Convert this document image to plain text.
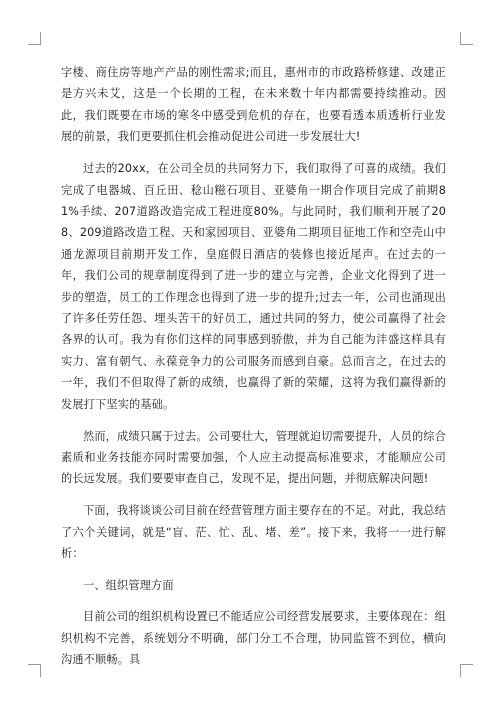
字楼、商住房等地产产品的刚性需求;而且，惠州市的市政路桥修建、改建正是方兴未艾，这是一个长期的工程，在未来数十年内都需要持续推动。因此，我们既要在市场的寒冬中感受到危机的存在，也要看透本质透析行业发展的前景，我们更要抓住机会推动促进公司进一步发展壮大!

过去的20xx，在公司全员的共同努力下，我们取得了可喜的成绩。我们完成了电器城、百丘田、稔山糍石项目、亚婆角一期合作项目完成了前期81%手续、207道路改造完成工程进度80%。与此同时，我们顺利开展了208、209道路改造工程、天和家园项目、亚婆角二期项目征地工作和空壳山中通龙源项目前期开发工作，皇庭假日酒店的装修也接近尾声。在过去的一年，我们公司的规章制度得到了进一步的建立与完善，企业文化得到了进一步的塑造，员工的工作理念也得到了进一步的提升;过去一年，公司也涌现出了许多任劳任怨、埋头苦干的好员工，通过共同的努力，使公司赢得了社会各界的认可。我为有你们这样的同事感到骄傲，并为自己能为沣盛这样具有实力、富有朝气、永葆竞争力的公司服务而感到自豪。总而言之，在过去的一年，我们不但取得了新的成绩，也赢得了新的荣耀，这将为我们赢得新的发展打下坚实的基础。

然而，成绩只属于过去。公司要壮大，管理就迫切需要提升，人员的综合素质和业务技能亦同时需要加强，个人应主动提高标准要求，才能顺应公司的长远发展。我们要要审查自己，发现不足，提出问题，并彻底解决问题!

下面，我将谈谈公司目前在经营管理方面主要存在的不足。对此，我总结了六个关键词，就是“盲、茫、忙、乱、堵、差”。接下来，我将一一进行解析：

一、组织管理方面

目前公司的组织机构设置已不能适应公司经营发展要求，主要体现在：组织机构不完善，系统划分不明确，部门分工不合理，协同监管不到位，横向沟通不顺畅。具
